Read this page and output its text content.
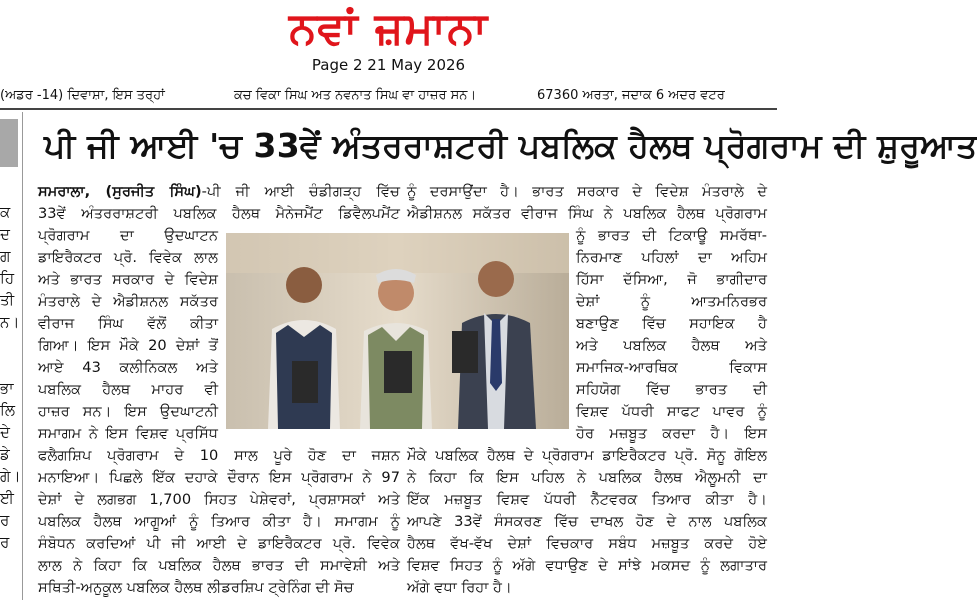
ਨਵਾਂ ਜ਼ਮਾਨਾ
Page 2 21 May 2026
(ਅਡਰ -14) ਦਿਵਾਸ਼ਾ, ਇਸ ਤਰ੍ਹਾਂ	ਕਚ ਵਿਕਾ ਸਿਘ ਅਤ ਨਵਨਾਤ ਸਿਘ ਵਾ ਹਾਜ਼ਰ ਸਨ।	67360 ਅਰਤਾ, ਜਦਾਕ 6 ਅਦਰ ਵਟਰ
ਕ
ਦ
ਗ
ਹਿ
ਤੀ
ਨ।
ਭਾ
ਲਿ
ਦੇ
ਡੇ
ਗੇ।
ਈ
ਰ
ਰ
ਪੀ ਜੀ ਆਈ 'ਚ 33ਵੇਂ ਅੰਤਰਰਾਸ਼ਟਰੀ ਪਬਲਿਕ ਹੈਲਥ ਪ੍ਰੋਗਰਾਮ ਦੀ ਸ਼ੁਰੂਆਤ
ਸਮਰਾਲਾ, (ਸੁਰਜੀਤ ਸਿੰਘ)-ਪੀ ਜੀ ਆਈ ਚੰਡੀਗੜ੍ਹ ਵਿੱਚ
33ਵੇਂ ਅੰਤਰਰਾਸ਼ਟਰੀ ਪਬਲਿਕ ਹੈਲਥ ਮੈਨੇਜਮੈਂਟ ਡਿਵੈਲਪਮੈਂਟ
ਪ੍ਰੋਗਰਾਮ ਦਾ ਉਦਘਾਟਨ
ਡਾਇਰੈਕਟਰ ਪ੍ਰੋ. ਵਿਵੇਕ ਲਾਲ
ਅਤੇ ਭਾਰਤ ਸਰਕਾਰ ਦੇ ਵਿਦੇਸ਼
ਮੰਤਰਾਲੇ ਦੇ ਐਡੀਸ਼ਨਲ ਸਕੱਤਰ
ਵੀਰਾਜ ਸਿੰਘ ਵੱਲੋਂ ਕੀਤਾ
ਗਿਆ। ਇਸ ਮੌਕੇ 20 ਦੇਸ਼ਾਂ ਤੋਂ
ਆਏ 43 ਕਲੀਨਿਕਲ ਅਤੇ
ਪਬਲਿਕ ਹੈਲਥ ਮਾਹਰ ਵੀ
ਹਾਜ਼ਰ ਸਨ। ਇਸ ਉਦਘਾਟਨੀ
ਸਮਾਗਮ ਨੇ ਇਸ ਵਿਸ਼ਵ ਪ੍ਰਸਿੱਧ
ਫਲੈਗਸ਼ਿਪ ਪ੍ਰੋਗਰਾਮ ਦੇ 10 ਸਾਲ ਪੂਰੇ ਹੋਣ ਦਾ ਜਸ਼ਨ
ਮਨਾਇਆ। ਪਿਛਲੇ ਇੱਕ ਦਹਾਕੇ ਦੌਰਾਨ ਇਸ ਪ੍ਰੋਗਰਾਮ ਨੇ 97
ਦੇਸ਼ਾਂ ਦੇ ਲਗਭਗ 1,700 ਸਿਹਤ ਪੇਸ਼ੇਵਰਾਂ, ਪ੍ਰਸ਼ਾਸਕਾਂ ਅਤੇ
ਪਬਲਿਕ ਹੈਲਥ ਆਗੂਆਂ ਨੂੰ ਤਿਆਰ ਕੀਤਾ ਹੈ। ਸਮਾਗਮ ਨੂੰ
ਸੰਬੋਧਨ ਕਰਦਿਆਂ ਪੀ ਜੀ ਆਈ ਦੇ ਡਾਇਰੈਕਟਰ ਪ੍ਰੋ. ਵਿਵੇਕ
ਲਾਲ ਨੇ ਕਿਹਾ ਕਿ ਪਬਲਿਕ ਹੈਲਥ ਭਾਰਤ ਦੀ ਸਮਾਵੇਸ਼ੀ ਅਤੇ
ਸਥਿਤੀ-ਅਨੁਕੂਲ ਪਬਲਿਕ ਹੈਲਥ ਲੀਡਰਸ਼ਿਪ ਟ੍ਰੇਨਿੰਗ ਦੀ ਸੋਚ
ਨੂੰ ਦਰਸਾਉਂਦਾ ਹੈ। ਭਾਰਤ ਸਰਕਾਰ ਦੇ ਵਿਦੇਸ਼ ਮੰਤਰਾਲੇ ਦੇ
ਐਡੀਸ਼ਨਲ ਸਕੱਤਰ ਵੀਰਾਜ ਸਿੰਘ ਨੇ ਪਬਲਿਕ ਹੈਲਥ ਪ੍ਰੋਗਰਾਮ
ਨੂੰ ਭਾਰਤ ਦੀ ਟਿਕਾਊ ਸਮਰੱਥਾ-
ਨਿਰਮਾਣ ਪਹਿਲਾਂ ਦਾ ਅਹਿਮ
ਹਿੱਸਾ ਦੱਸਿਆ, ਜੋ ਭਾਗੀਦਾਰ
ਦੇਸ਼ਾਂ ਨੂੰ ਆਤਮਨਿਰਭਰ
ਬਣਾਉਣ ਵਿੱਚ ਸਹਾਇਕ ਹੈ
ਅਤੇ ਪਬਲਿਕ ਹੈਲਥ ਅਤੇ
ਸਮਾਜਿਕ-ਆਰਥਿਕ ਵਿਕਾਸ
ਸਹਿਯੋਗ ਵਿੱਚ ਭਾਰਤ ਦੀ
ਵਿਸ਼ਵ ਪੱਧਰੀ ਸਾਫਟ ਪਾਵਰ ਨੂੰ
ਹੋਰ ਮਜ਼ਬੂਤ ਕਰਦਾ ਹੈ। ਇਸ
ਮੌਕੇ ਪਬਲਿਕ ਹੈਲਥ ਦੇ ਪ੍ਰੋਗਰਾਮ ਡਾਇਰੈਕਟਰ ਪ੍ਰੋ. ਸੋਨੂ ਗੋਇਲ
ਨੇ ਕਿਹਾ ਕਿ ਇਸ ਪਹਿਲ ਨੇ ਪਬਲਿਕ ਹੈਲਥ ਐਲੂਮਨੀ ਦਾ
ਇੱਕ ਮਜ਼ਬੂਤ ਵਿਸ਼ਵ ਪੱਧਰੀ ਨੈੱਟਵਰਕ ਤਿਆਰ ਕੀਤਾ ਹੈ।
ਆਪਣੇ 33ਵੇਂ ਸੰਸਕਰਣ ਵਿੱਚ ਦਾਖਲ ਹੋਣ ਦੇ ਨਾਲ ਪਬਲਿਕ
ਹੈਲਥ ਵੱਖ-ਵੱਖ ਦੇਸ਼ਾਂ ਵਿਚਕਾਰ ਸਬੰਧ ਮਜ਼ਬੂਤ ਕਰਦੇ ਹੋਏ
ਵਿਸ਼ਵ ਸਿਹਤ ਨੂੰ ਅੱਗੇ ਵਧਾਉਣ ਦੇ ਸਾਂਝੇ ਮਕਸਦ ਨੂੰ ਲਗਾਤਾਰ
ਅੱਗੇ ਵਧਾ ਰਿਹਾ ਹੈ।
